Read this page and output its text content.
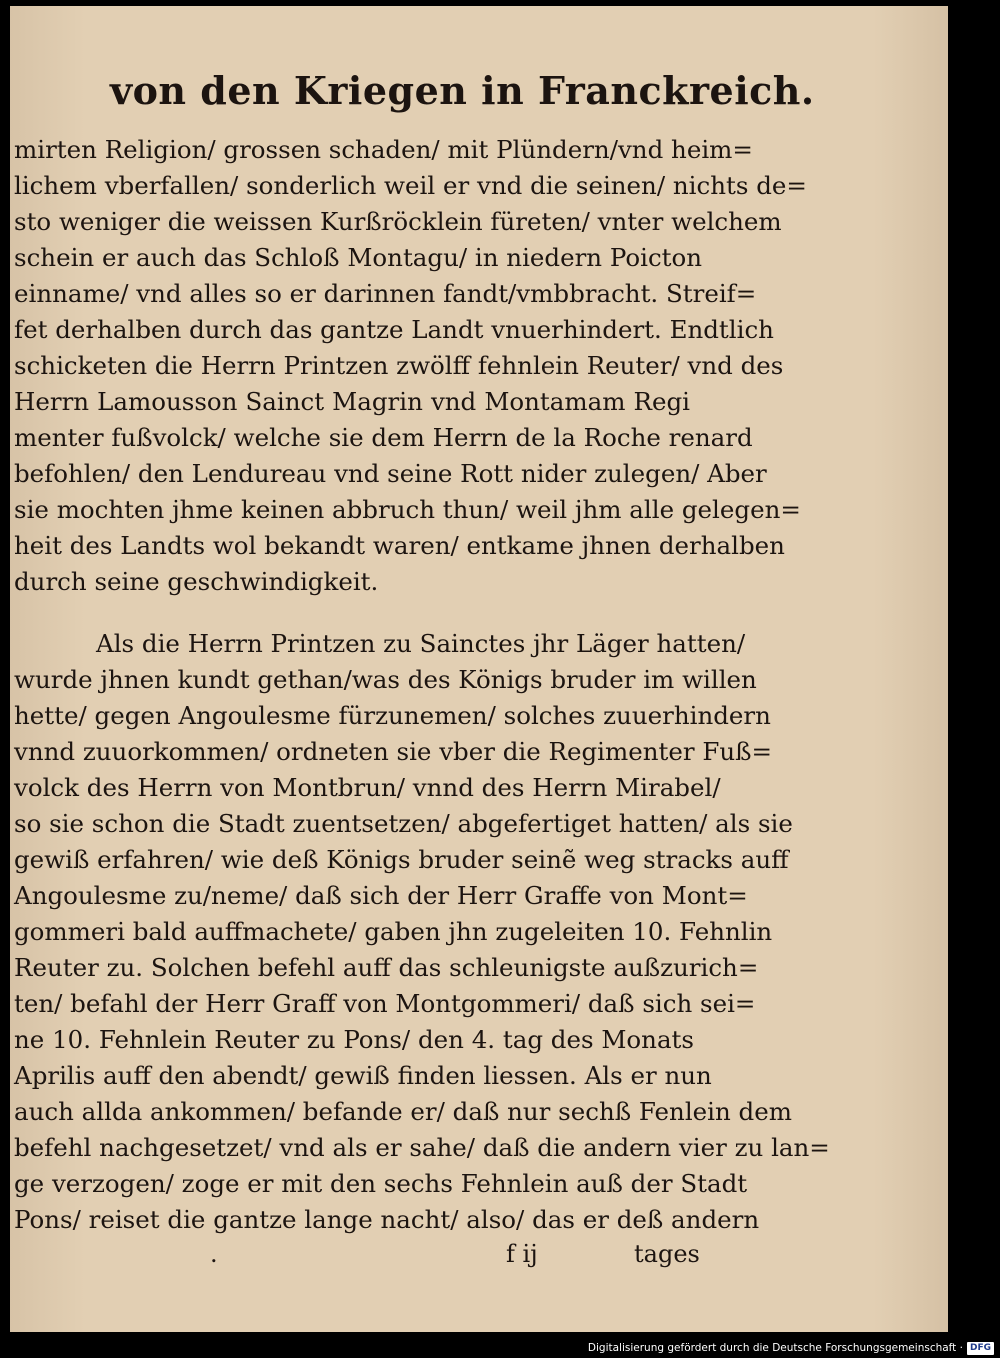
von den Kriegen in Franckreich.
mirten Religion/ grossen schaden/ mit Plündern/vnd heim=
lichem vberfallen/ sonderlich weil er vnd die seinen/ nichts de=
sto weniger die weissen Kurßröcklein füreten/ vnter welchem
schein er auch das Schloß Montagu/ in niedern Poicton
einname/ vnd alles so er darinnen fandt/vmbbracht. Streif=
fet derhalben durch das gantze Landt vnuerhindert. Endtlich
schicketen die Herrn Printzen zwölff fehnlein Reuter/ vnd des
Herrn Lamousson Sainct Magrin vnd Montamam Regi
menter fußvolck/ welche sie dem Herrn de la Roche renard
befohlen/ den Lendureau vnd seine Rott nider zulegen/ Aber
sie mochten jhme keinen abbruch thun/ weil jhm alle gelegen=
heit des Landts wol bekandt waren/ entkame jhnen derhalben
durch seine geschwindigkeit.
Als die Herrn Printzen zu Sainctes jhr Läger hatten/
wurde jhnen kundt gethan/was des Königs bruder im willen
hette/ gegen Angoulesme fürzunemen/ solches zuuerhindern
vnnd zuuorkommen/ ordneten sie vber die Regimenter Fuß=
volck des Herrn von Montbrun/ vnnd des Herrn Mirabel/
so sie schon die Stadt zuentsetzen/ abgefertiget hatten/ als sie
gewiß erfahren/ wie deß Königs bruder seinẽ weg stracks auff
Angoulesme zu/neme/ daß sich der Herr Graffe von Mont=
gommeri bald auffmachete/ gaben jhn zugeleiten 10. Fehnlin
Reuter zu. Solchen befehl auff das schleunigste außzurich=
ten/ befahl der Herr Graff von Montgommeri/ daß sich sei=
ne 10. Fehnlein Reuter zu Pons/ den 4. tag des Monats
Aprilis auff den abendt/ gewiß finden liessen. Als er nun
auch allda ankommen/ befande er/ daß nur sechß Fenlein dem
befehl nachgesetzet/ vnd als er sahe/ daß die andern vier zu lan=
ge verzogen/ zoge er mit den sechs Fehnlein auß der Stadt
Pons/ reiset die gantze lange nacht/ also/ das er deß andern
.	f ij	tages
Digitalisierung gefördert durch die Deutsche Forschungsgemeinschaft · DFG
